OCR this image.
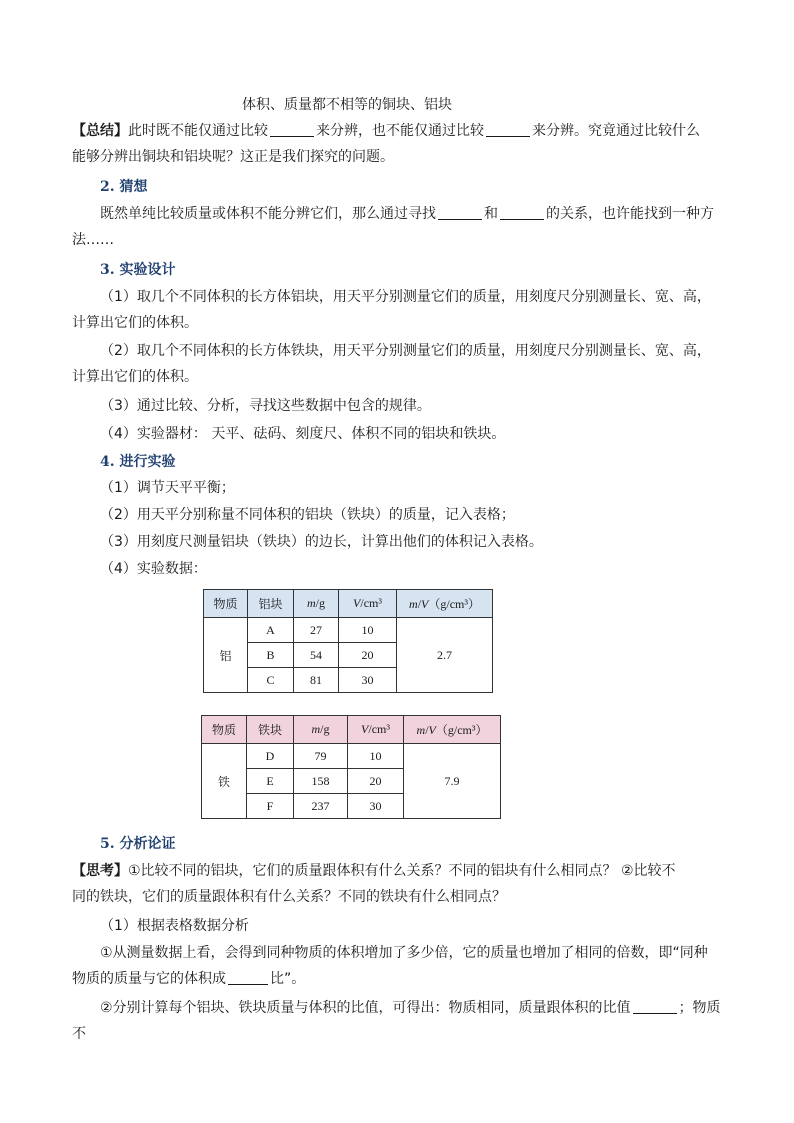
体积、质量都不相等的铜块、铝块
【总结】此时既不能仅通过比较	来分辨，也不能仅通过比较	来分辨。究竟通过比较什么
能够分辨出铜块和铝块呢？这正是我们探究的问题。
2. 猜想
既然单纯比较质量或体积不能分辨它们，那么通过寻找	和	的关系，也许能找到一种方
法……
3. 实验设计
（1）取几个不同体积的长方体铝块，用天平分别测量它们的质量，用刻度尺分别测量长、宽、高，
计算出它们的体积。
（2）取几个不同体积的长方体铁块，用天平分别测量它们的质量，用刻度尺分别测量长、宽、高，
计算出它们的体积。
（3）通过比较、分析，寻找这些数据中包含的规律。
（4）实验器材： 天平、砝码、刻度尺、体积不同的铝块和铁块。
4. 进行实验
（1）调节天平平衡；
（2）用天平分别称量不同体积的铝块（铁块）的质量，记入表格；
（3）用刻度尺测量铝块（铁块）的边长，计算出他们的体积记入表格。
（4）实验数据：
物质	铝块	m/g	V/cm³	m/V（g/cm³）
铝	A	27	10	2.7
	B	54	20	
	C	81	30	
物质	铁块	m/g	V/cm³	m/V（g/cm³）
铁	D	79	10	7.9
	E	158	20	
	F	237	30	
5. 分析论证
【思考】①比较不同的铝块，它们的质量跟体积有什么关系？不同的铝块有什么相同点？ ②比较不
同的铁块，它们的质量跟体积有什么关系？不同的铁块有什么相同点？
（1）根据表格数据分析
①从测量数据上看，会得到同种物质的体积增加了多少倍，它的质量也增加了相同的倍数，即“同种
物质的质量与它的体积成	比”。
②分别计算每个铝块、铁块质量与体积的比值，可得出：物质相同，质量跟体积的比值	；物质不
